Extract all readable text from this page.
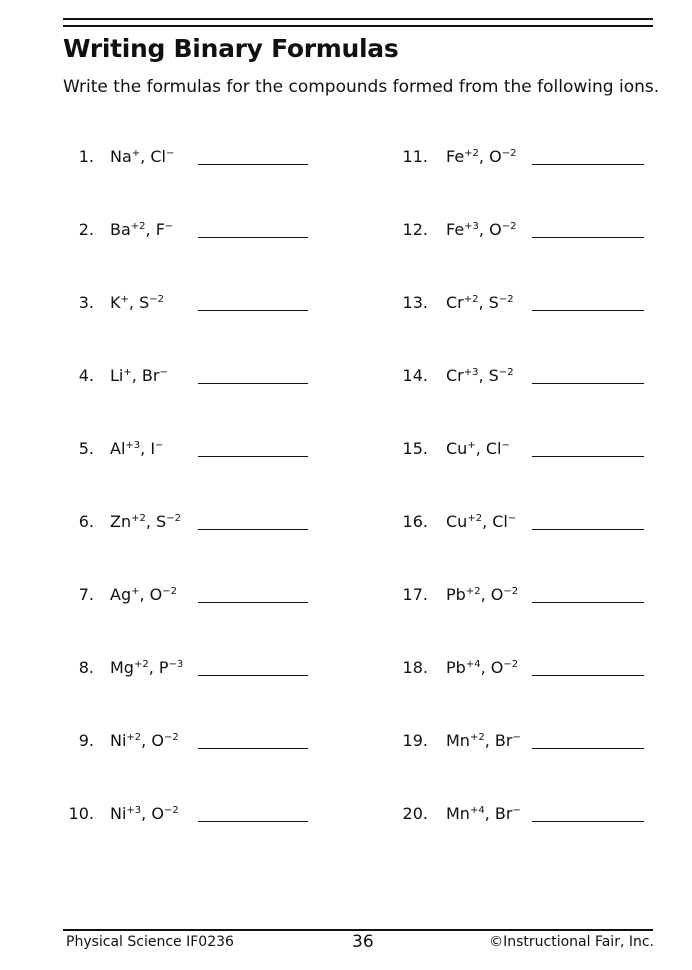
Writing Binary Formulas
Write the formulas for the compounds formed from the following ions.
1. Na+, Cl−
2. $Ba^{+2}$, F−
3. K+, $S^{-2}$
4. Li+, Br−
5. $Al^{+3}$, I−
6. $Zn^{+2}$, $S^{-2}$
7. Ag+, $O^{-2}$
8. $Mg^{+2}$, $P^{-3}$
9. $Ni^{+2}$, $O^{-2}$
10. $Ni^{+3}$, $O^{-2}$
11. $Fe^{+2}$, $O^{-2}$
12. $Fe^{+3}$, $O^{-2}$
13. $Cr^{+2}$, $S^{-2}$
14. $Cr^{+3}$, $S^{-2}$
15. Cu+, Cl−
16. $Cu^{+2}$, Cl−
17. $Pb^{+2}$, $O^{-2}$
18. $Pb^{+4}$, $O^{-2}$
19. $Mn^{+2}$, Br−
20. $Mn^{+4}$, Br−
Physical Science IF0236	36	©Instructional Fair, Inc.
